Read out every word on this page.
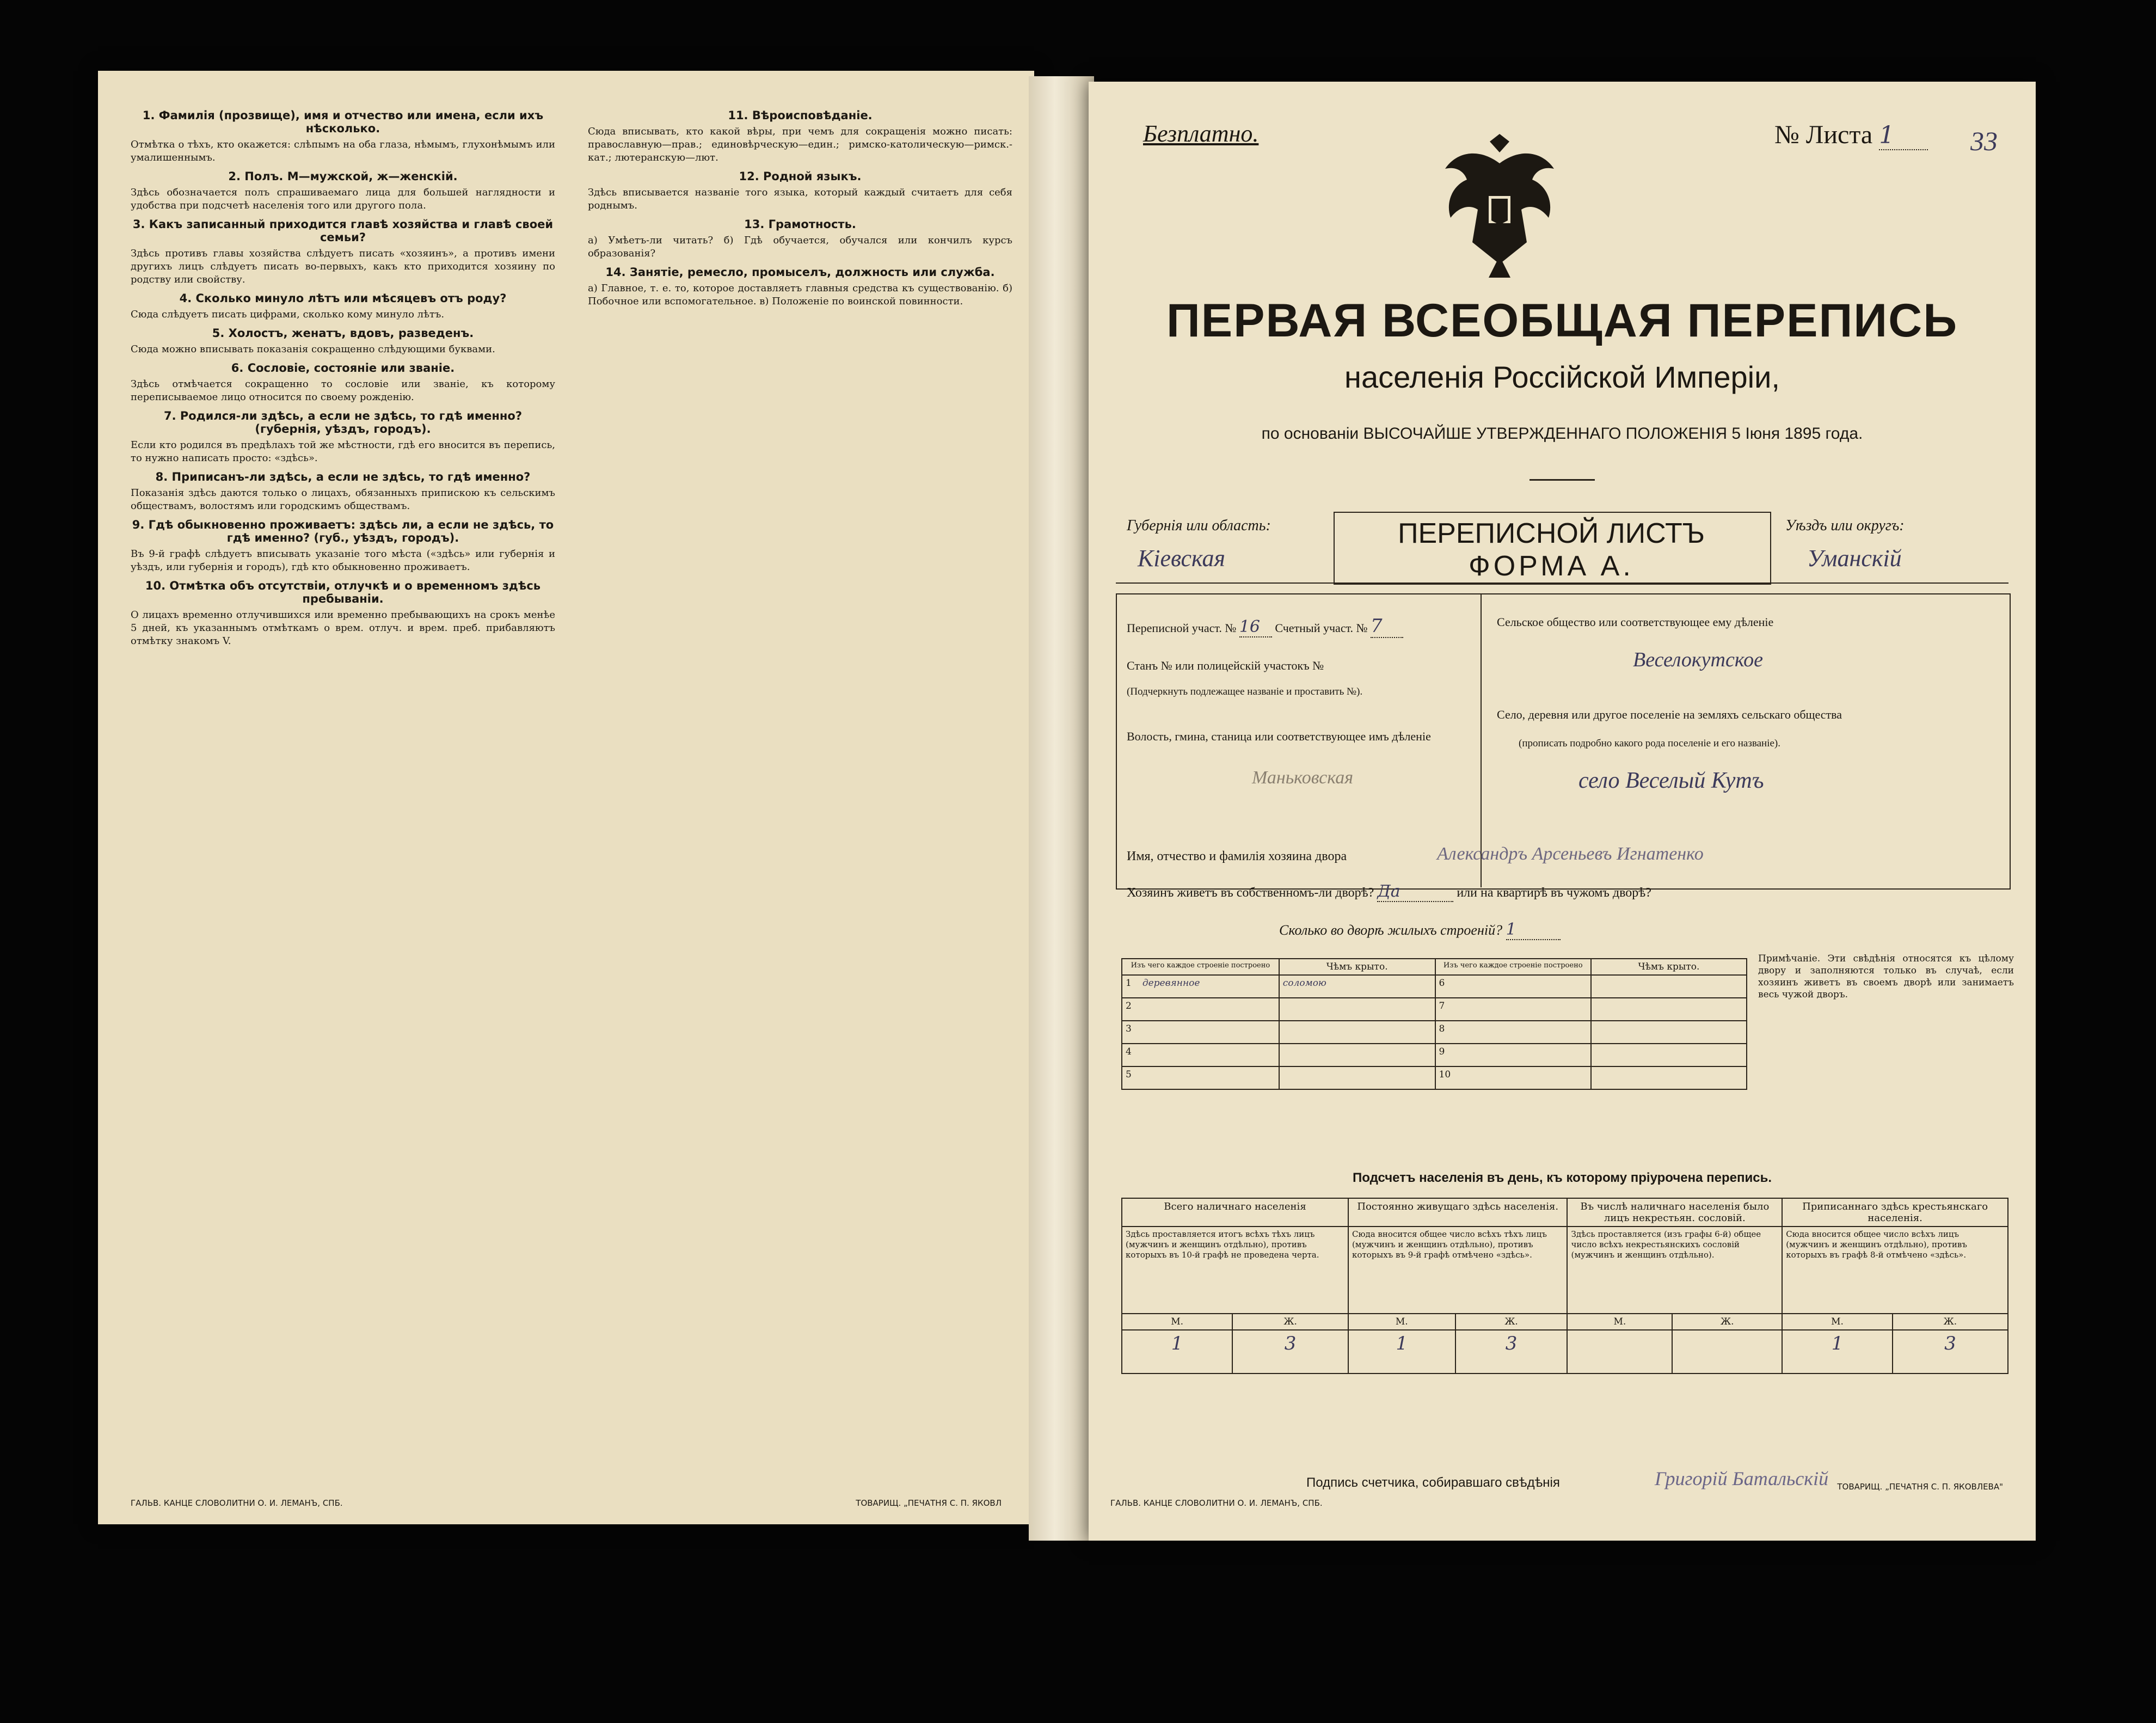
1. Фамилія (прозвище), имя и отчество или имена, если ихъ нѣсколько.

Отмѣтка о тѣхъ, кто окажется: слѣпымъ на оба глаза, нѣмымъ, глухонѣмымъ или умалишеннымъ.

2. Полъ. М—мужской, ж—женскій.

Здѣсь обозначается полъ спрашиваемаго лица для большей наглядности и удобства при подсчетѣ населенія того или другого пола.

3. Какъ записанный приходится главѣ хозяйства и главѣ своей семьи?

Здѣсь противъ главы хозяйства слѣдуетъ писать «хозяинъ», а противъ имени другихъ лицъ слѣдуетъ писать во-первыхъ, какъ кто приходится хозяину по родству или свойству.

4. Сколько минуло лѣтъ или мѣсяцевъ отъ роду?

Сюда слѣдуетъ писать цифрами, сколько кому минуло лѣтъ.

5. Холостъ, женатъ, вдовъ, разведенъ.

Сюда можно вписывать показанія сокращенно слѣдующими буквами.

6. Сословіе, состояніе или званіе.

Здѣсь отмѣчается сокращенно то сословіе или званіе, къ которому переписываемое лицо относится по своему рожденію.

7. Родился-ли здѣсь, а если не здѣсь, то гдѣ именно? (губернія, уѣздъ, городъ).

Если кто родился въ предѣлахъ той же мѣстности, гдѣ его вносится въ перепись, то нужно написать просто: «здѣсь».

8. Приписанъ-ли здѣсь, а если не здѣсь, то гдѣ именно?

Показанія здѣсь даются только о лицахъ, обязанныхъ припискою къ сельскимъ обществамъ, волостямъ или городскимъ обществамъ.

9. Гдѣ обыкновенно проживаетъ: здѣсь ли, а если не здѣсь, то гдѣ именно? (губ., уѣздъ, городъ).

Въ 9-й графѣ слѣдуетъ вписывать указаніе того мѣста («здѣсь» или губернія и уѣздъ, или губернія и городъ), гдѣ кто обыкновенно проживаетъ.

10. Отмѣтка объ отсутствіи, отлучкѣ и о временномъ здѣсь пребываніи.

О лицахъ временно отлучившихся или временно пребывающихъ на срокъ менѣе 5 дней, къ указаннымъ отмѣткамъ о врем. отлуч. и врем. преб. прибавляютъ отмѣтку знакомъ V.

11. Вѣроисповѣданіе.

Сюда вписывать, кто какой вѣры, при чемъ для сокращенія можно писать: православную—прав.; единовѣрческую—един.; римско-католическую—римск.-кат.; лютеранскую—лют.

12. Родной языкъ.

Здѣсь вписывается названіе того языка, который каждый считаетъ для себя роднымъ.

13. Грамотность.

а) Умѣетъ-ли читать? б) Гдѣ обучается, обучался или кончилъ курсъ образованія?

14. Занятіе, ремесло, промыселъ, должность или служба.

а) Главное, т. е. то, которое доставляетъ главныя средства къ существованію. б) Побочное или вспомогательное. в) Положеніе по воинской повинности.

ГАЛЬВ. КАНЦЕ СЛОВОЛИТНИ О. И. ЛЕМАНЪ, СПБ.	ТОВАРИЩ. „ПЕЧАТНЯ С. П. ЯКОВЛ
Безплатно.	№ Листа 1	33
ПЕРВАЯ ВСЕОБЩАЯ ПЕРЕПИСЬ
населенія Россійской Имперіи,
по основаніи ВЫСОЧАЙШЕ УТВЕРЖДЕННАГО ПОЛОЖЕНІЯ 5 Іюня 1895 года.
Губернія или область:
Кіевская
ПЕРЕПИСНОЙ ЛИСТЪ
ФОРМА А.
Уѣздъ или округъ:
Уманскій
Переписной участ. № 16 Счетный участ. № 7
Станъ № или полицейскій участокъ №
(Подчеркнуть подлежащее названіе и проставить №).
Волость, гмина, станица или соответствующее имъ дѣленіе
Маньковская
Сельское общество или соответствующее ему дѣленіе
Веселокутское
Село, деревня или другое поселеніе на земляхъ сельскаго общества
(прописать подробно какого рода поселеніе и его названіе).
село Веселый Кутъ
Имя, отчество и фамилія хозяина двора	Александръ Арсеньевъ Игнатенко
Хозяинъ живетъ въ собственномъ-ли дворѣ? Да	или на квартирѣ въ чужомъ дворѣ?
Сколько во дворѣ жилыхъ строеній? 1
Изъ чего каждое строеніе построено	Чѣмъ крыто.	Изъ чего каждое строеніе построено	Чѣмъ крыто.
1 деревянное	соломою	6	
2		7	
3		8	
4		9	
5		10	
Примѣчаніе. Эти свѣдѣнія относятся къ цѣлому двору и заполняются только въ случаѣ, если хозяинъ живетъ въ своемъ дворѣ или занимаетъ весь чужой дворъ.
Подсчетъ населенія въ день, къ которому пріурочена перепись.
Всего наличнаго населенія		Постоянно живущаго здѣсь населенія.		Въ числѣ наличнаго населенія было лицъ некрестьян. сословій.		Приписаннаго здѣсь крестьянскаго населенія.	
Здѣсь проставляется итогъ всѣхъ тѣхъ лицъ (мужчинъ и женщинъ отдѣльно), противъ которыхъ въ 10-й графѣ не проведена черта.		Сюда вносится общее число всѣхъ тѣхъ лицъ (мужчинъ и женщинъ отдѣльно), противъ которыхъ въ 9-й графѣ отмѣчено «здѣсь».		Здѣсь проставляется (изъ графы 6-й) общее число всѣхъ некрестьянскихъ сословій (мужчинъ и женщинъ отдѣльно).		Сюда вносится общее число всѣхъ лицъ (мужчинъ и женщинъ отдѣльно), противъ которыхъ въ графѣ 8-й отмѣчено «здѣсь».	
М.	Ж.	М.	Ж.	М.	Ж.	М.	Ж.
1	3	1	3			1	3
Подпись счетчика, собиравшаго свѣдѣнія	Григорій Батальскій
ГАЛЬВ. КАНЦЕ СЛОВОЛИТНИ О. И. ЛЕМАНЪ, СПБ.
ТОВАРИЩ. „ПЕЧАТНЯ С. П. ЯКОВЛЕВА"
